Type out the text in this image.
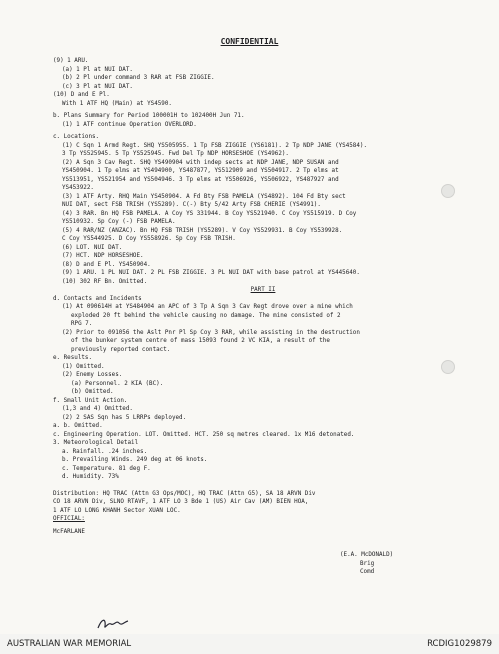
CONFIDENTIAL
(9) 1 ARU.
(a) 1 Pl at NUI DAT.
(b) 2 Pl under command 3 RAR at FSB ZIGGIE.
(c) 3 Pl at NUI DAT.
(10) D and E Pl.
With 1 ATF HQ (Main) at YS4590.
b. Plans Summary for Period 100001H to 102400H Jun 71.
(1) 1 ATF continue Operation OVERLORD.
c. Locations.
(1) C Sqn 1 Armd Regt. SHQ YS505955. 1 Tp FSB ZIGGIE (YS6181). 2 Tp NDP JANE (YS4584).
3 Tp YS525945. 5 Tp YS525945. Fwd Del Tp NDP HORSESHOE (YS4962).
(2) A Sqn 3 Cav Regt. SHQ YS490904 with indep sects at NDP JANE, NDP SUSAN and
YS450904. 1 Tp elms at YS494900, YS487877, YS512909 and YS504917. 2 Tp elms at
YS513951, YS521954 and YS504946. 3 Tp elms at YS506926, YS506922, YS487927 and
YS453922.
(3) 1 ATF Arty. RHQ Main YS450904. A Fd Bty FSB PAMELA (YS4892). 104 Fd Bty sect
NUI DAT, sect FSB TRISH (YS5289). C(-) Bty 5/42 Arty FSB CHERIE (YS4991).
(4) 3 RAR. Bn HQ FSB PAMELA. A Coy YS 331944. B Coy YS521940. C Coy YS515919. D Coy
YS510932. Sp Coy (-) FSB PAMELA.
(5) 4 RAR/NZ (ANZAC). Bn HQ FSB TRISH (YS5289). V Coy YS529931. B Coy YS539928.
C Coy YS544925. D Coy YS558926. Sp Coy FSB TRISH.
(6) LOT. NUI DAT.
(7) HCT. NDP HORSESHOE.
(8) D and E Pl. YS450904.
(9) 1 ARU. 1 PL NUI DAT. 2 PL FSB ZIGGIE. 3 PL NUI DAT with base patrol at YS445640.
(10) 302 RF Bn. Omitted.
PART II
d. Contacts and Incidents
(1) At 090614H at YS484904 an APC of 3 Tp A Sqn 3 Cav Regt drove over a mine which
exploded 20 ft behind the vehicle causing no damage. The mine consisted of 2
RPG 7.
(2) Prior to 091056 the Aslt Pnr Pl Sp Coy 3 RAR, while assisting in the destruction
of the bunker system centre of mass 15093 found 2 VC KIA, a result of the
previously reported contact.
e. Results.
(1) Omitted.
(2) Enemy Losses.
(a) Personnel. 2 KIA (BC).
(b) Omitted.
f. Small Unit Action.
(1,3 and 4) Omitted.
(2) 2 SAS Sqn has 5 LRRPs deployed.
a. b. Omitted.
c. Engineering Operation. LOT. Omitted. HCT. 250 sq metres cleared. 1x M16 detonated.
3. Meteorological Detail
a. Rainfall. .24 inches.
b. Prevailing Winds. 249 deg at 06 knots.
c. Temperature. 81 deg F.
d. Humidity. 73%
Distribution: HQ TRAC (Attn G3 Ops/MOC), HQ TRAC (Attn G5), SA 18 ARVN Div
CO 18 ARVN Div, SLNO RTAVF, 1 ATF LO 3 Bde 1 (US) Air Cav (AM) BIEN HOA,
1 ATF LO LONG KHANH Sector XUAN LOC.
OFFICIAL:
McFARLANE
(E.A. McDONALD)
Brig
Comd
AUSTRALIAN WAR MEMORIAL	RCDIG1029879
